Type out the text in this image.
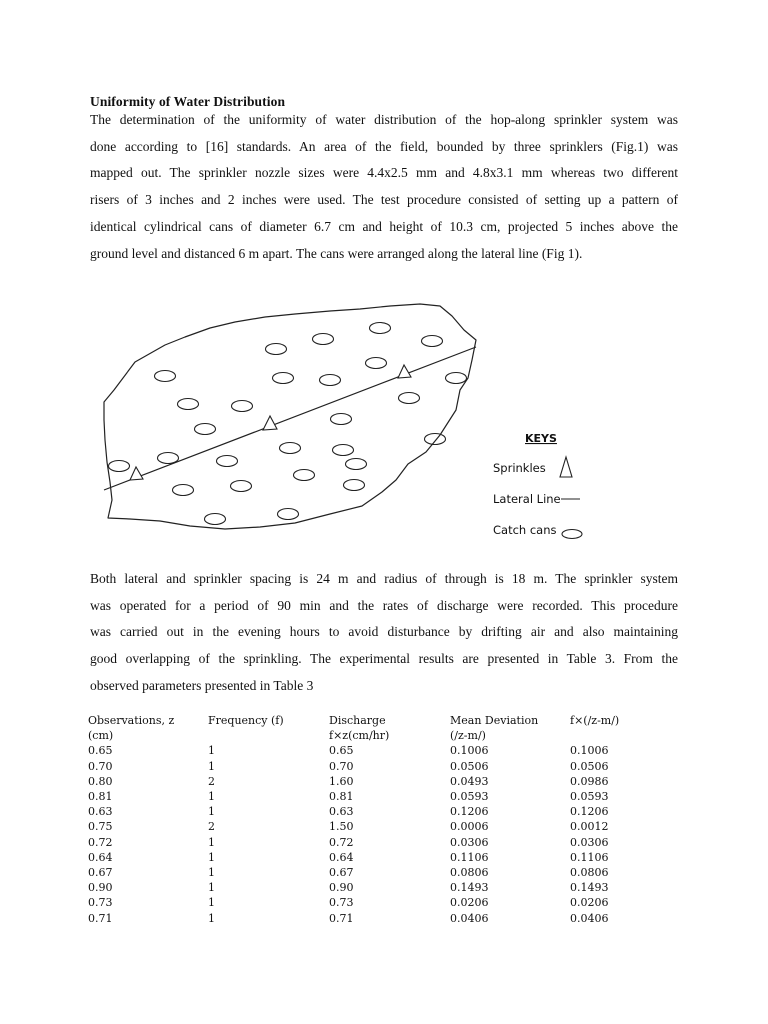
Uniformity of Water Distribution
The determination of the uniformity of water distribution of the hop-along sprinkler system was
done according to [16] standards. An area of the field, bounded by three sprinklers (Fig.1) was
mapped out. The sprinkler nozzle sizes were 4.4x2.5 mm and 4.8x3.1 mm whereas two different
risers of 3 inches and 2 inches were used. The test procedure consisted of setting up a pattern of
identical cylindrical cans of diameter 6.7 cm and height of 10.3 cm, projected 5 inches above the
ground level and distanced 6 m apart. The cans were arranged along the lateral line (Fig 1).
KEYS
Sprinkles
Lateral Line
Catch cans
Both lateral and sprinkler spacing is 24 m and radius of through is 18 m. The sprinkler system
was operated for a period of 90 min and the rates of discharge were recorded. This procedure
was carried out in the evening hours to avoid disturbance by drifting air and also maintaining
good overlapping of the sprinkling. The experimental results are presented in Table 3. From the
observed parameters presented in Table 3
Observations, z	Frequency (f)	Discharge	Mean Deviation	f×(/z-m/)
(cm)		f×z(cm/hr)	(/z-m/)	
0.65	1	0.65	0.1006	0.1006
0.70	1	0.70	0.0506	0.0506
0.80	2	1.60	0.0493	0.0986
0.81	1	0.81	0.0593	0.0593
0.63	1	0.63	0.1206	0.1206
0.75	2	1.50	0.0006	0.0012
0.72	1	0.72	0.0306	0.0306
0.64	1	0.64	0.1106	0.1106
0.67	1	0.67	0.0806	0.0806
0.90	1	0.90	0.1493	0.1493
0.73	1	0.73	0.0206	0.0206
0.71	1	0.71	0.0406	0.0406
